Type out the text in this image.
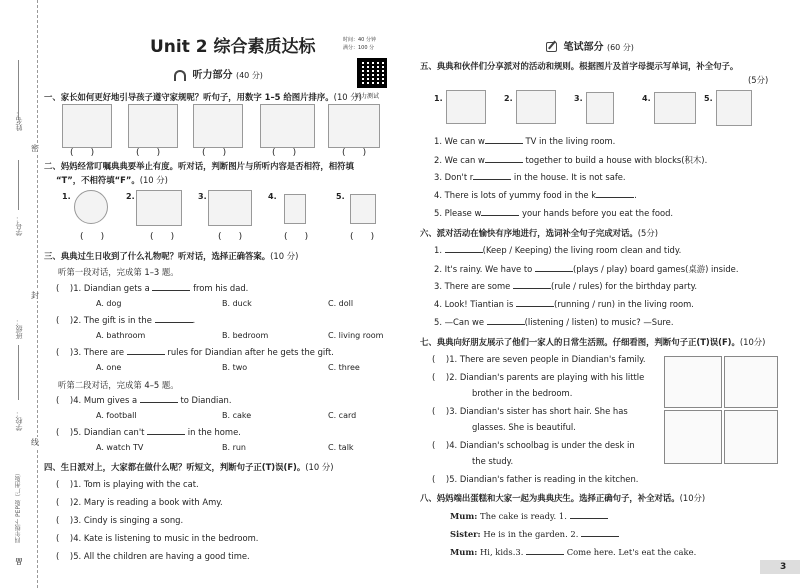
姓名：
密
学号：
封
班级：
学校：
线
四年级下 PEP版（广州版）
品
Unit 2 综合素质达标	时间：40 分钟
满分：100 分
听力测试
听力部分 (40 分)
一、家长如何更好地引导孩子遵守家规呢？听句子，用数字 1–5 给图片排序。(10 分)
(      )	(      )	(      )	(      )	(      )
二、妈妈经常叮嘱典典要举止有度。听对话，判断图片与所听内容是否相符，相符填
“T”，不相符填“F”。(10 分)
1.	2.	3.	4.	5.
(      )	(      )	(      )	(      )	(      )
三、典典过生日收到了什么礼物呢？听对话，选择正确答案。(10 分)
听第一段对话，完成第 1–3 题。
(    )1. Diandian gets a	from his dad.
A. dog	B. duck	C. doll
(    )2. The gift is in the	.
A. bathroom	B. bedroom	C. living room
(    )3. There are	rules for Diandian after he gets the gift.
A. one	B. two	C. three
听第二段对话，完成第 4–5 题。
(    )4. Mum gives a	to Diandian.
A. football	B. cake	C. card
(    )5. Diandian can't	in the home.
A. watch TV	B. run	C. talk
四、生日派对上，大家都在做什么呢？听短文，判断句子正(T)误(F)。(10 分)
(    )1. Tom is playing with the cat.
(    )2. Mary is reading a book with Amy.
(    )3. Cindy is singing a song.
(    )4. Kate is listening to music in the bedroom.
(    )5. All the children are having a good time.
笔试部分 (60 分)
五、典典和伙伴们分享派对的活动和规则。根据图片及首字母提示写单词，补全句子。
(5分)
1.	2.	3.	4.	5.
1. We can w	TV in the living room.
2. We can w	together to build a house with blocks(积木).
3. Don't r	in the house. It is not safe.
4. There is lots of yummy food in the k	.
5. Please w	your hands before you eat the food.
六、派对活动在愉快有序地进行，选词补全句子完成对话。(5分)
1.	(Keep / Keeping) the living room clean and tidy.
2. It's rainy. We have to	(plays / play) board games(桌游) inside.
3. There are some	(rule / rules) for the birthday party.
4. Look! Tiantian is	(running / run) in the living room.
5. —Can we	(listening / listen) to music? —Sure.
七、典典向好朋友展示了他们一家人的日常生活照。仔细看图，判断句子正(T)误(F)。(10分)
(    )1. There are seven people in Diandian's family.
(    )2. Diandian's parents are playing with his little
brother in the bedroom.
(    )3. Diandian's sister has short hair. She has
glasses. She is beautiful.
(    )4. Diandian's schoolbag is under the desk in
the study.
(    )5. Diandian's father is reading in the kitchen.
八、妈妈端出蛋糕和大家一起为典典庆生。选择正确句子，补全对话。(10分)
Mum: The cake is ready. 1.
Sister: He is in the garden. 2.
Mum: Hi, kids.3.	Come here. Let's eat the cake.
3
